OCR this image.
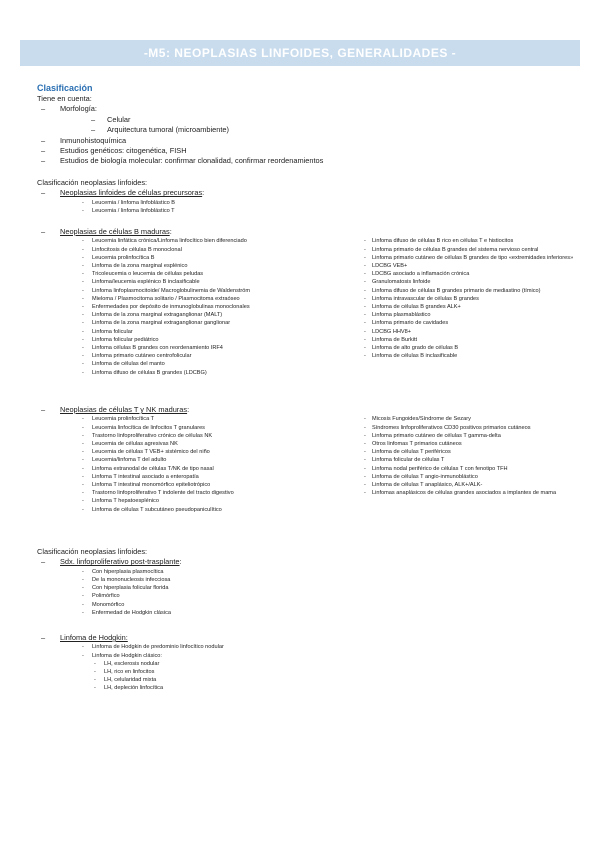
-M5: NEOPLASIAS LINFOIDES, GENERALIDADES -
Clasificación
Tiene en cuenta:
– Morfología:
– Celular
– Arquitectura tumoral (microambiente)
– Inmunohistoquímica
– Estudios genéticos: citogenética, FISH
– Estudios de biología molecular: confirmar clonalidad, confirmar reordenamientos
Clasificación neoplasias linfoides:
– Neoplasias linfoides de células precursoras:
- Leucemia / linfoma linfoblástico B
- Leucemia / linfoma linfoblástico T
– Neoplasias de células B maduras:
- Leucemia linfática crónica/Linfoma linfocítico bien diferenciado
- Linfocitosis de células B monoclonal
- Leucemia prolinfocítica B
- Linfoma de la zona marginal esplénico
- Tricoleucemia o leucemia de células peludas
- Linfoma/leucemia esplénico B inclasificable
- Linfoma linfoplasmocitoide/ Macroglobulinemia de Waldenström
- Mieloma / Plasmocitoma solitario / Plasmocitoma extraóseo
- Enfermedades por depósito de inmunoglobulinas monoclonales
- Linfoma de la zona marginal extraganglionar (MALT)
- Linfoma de la zona marginal extraganglionar ganglionar
- Linfoma folicular
- Linfoma folicular pediátrico
- Linfoma células B grandes con reordenamiento IRF4
- Linfoma primario cutáneo centrofolicular
- Linfoma de células del manto
- Linfoma difuso de células B grandes (LDCBG)
- Linfoma difuso de células B rico en células T e histiocitos
- Linfoma primario de células B grandes del sistema nervioso central
- Linfoma primario cutáneo de células B grandes de tipo «extremidades inferiores»
- LDCBG VEB+
- LDCBG asociado a inflamación crónica
- Granulomatosis linfoide
- Linfoma difuso de células B grandes primario de mediastino (tímico)
- Linfoma intravascular de células B grandes
- Linfoma de células B grandes ALK+
- Linfoma plasmablástico
- Linfoma primario de cavidades
- LDCBG HHV8+
- Linfoma de Burkitt
- Linfoma de alto grado de células B
- Linfoma de células B inclasificable
– Neoplasias de células T y NK maduras:
- Leucemia prolinfocítica T
- Leucemia linfocítica de linfocitos T granulares
- Trastorno linfoproliferativo crónico de células NK
- Leucemia de células agresivas NK
- Leucemia de células T VEB+ sistémico del niño
- Leucemia/linfoma T del adulto
- Linfoma extranodal de células T/NK de tipo nasal
- Linfoma T intestinal asociado a enteropatía
- Linfoma T intestinal monomórfico epiteliotrópico
- Trastorno linfoproliferativo T indolente del tracto digestivo
- Linfoma T hepatoesplénico
- Linfoma de células T subcutáneo pseudopaniculítico
- Micosis Fungoides/Síndrome de Sezary
- Síndromes linfoproliferativos CD30 positivos primarios cutáneos
- Linfoma primario cutáneo de células T gamma-delta
- Otros linfomas T primarios cutáneos
- Linfoma de células T periféricos
- Linfoma folicular de células T
- Linfoma nodal periférico de células T con fenotipo TFH
- Linfoma de células T angio-inmunoblástico
- Linfoma de células T anaplásico, ALK+/ALK-
- Linfomas anaplásicos de células grandes asociados a implantes de mama
Clasificación neoplasias linfoides:
– Sdx. linfoproliferativo post-trasplante:
- Con hiperplasia plasmocítica
- De la mononucleosis infecciosa
- Con hiperplasia folicular florida
- Polimórfico
- Monomórfico
- Enfermedad de Hodgkin clásica
– Linfoma de Hodgkin:
- Linfoma de Hodgkin de predominio linfocítico nodular
- Linfoma de Hodgkin clásico:
- LH, esclerosis nodular
- LH, rico en linfocitos
- LH, celularidad mixta
- LH, depleción linfocítica
